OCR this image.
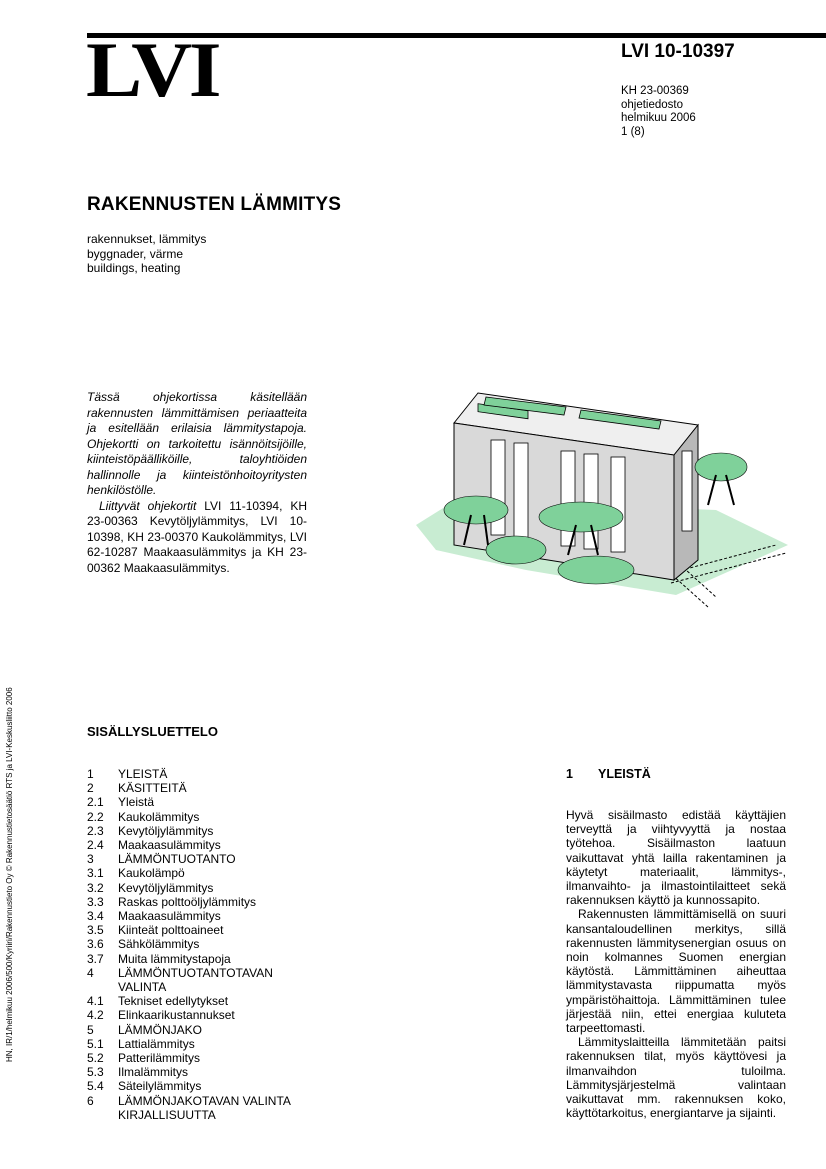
LVI	LVI 10-10397
KH 23-00369
ohjetiedosto
helmikuu 2006
1 (8)
RAKENNUSTEN LÄMMITYS
rakennukset, lämmitys
byggnader, värme
buildings, heating

Tässä ohjekortissa käsitellään rakennusten lämmittämisen periaatteita ja esitellään erilaisia lämmitystapoja. Ohjekortti on tarkoitettu isännöitsijöille, kiinteistöpäälliköille, taloyhtiöiden hallinnolle ja kiinteistönhoitoyritysten henkilöstölle.

Liittyvät ohjekortit LVI 11-10394, KH 23-00363 Kevytöljylämmitys, LVI 10-10398, KH 23-00370 Kaukolämmitys, LVI 62-10287 Maakaasulämmitys ja KH 23-00362 Maakaasulämmitys.

SISÄLLYSLUETTELO
1	YLEISTÄ
2	KÄSITTEITÄ
2.1	Yleistä
2.2	Kaukolämmitys
2.3	Kevytöljylämmitys
2.4	Maakaasulämmitys
3	LÄMMÖNTUOTANTO
3.1	Kaukolämpö
3.2	Kevytöljylämmitys
3.3	Raskas polttoöljylämmitys
3.4	Maakaasulämmitys
3.5	Kiinteät polttoaineet
3.6	Sähkölämmitys
3.7	Muita lämmitystapoja
4	LÄMMÖNTUOTANTOTAVAN
VALINTA
4.1	Tekniset edellytykset
4.2	Elinkaarikustannukset
5	LÄMMÖNJAKO
5.1	Lattialämmitys
5.2	Patterilämmitys
5.3	Ilmalämmitys
5.4	Säteilylämmitys
6	LÄMMÖNJAKOTAVAN VALINTA
KIRJALLISUUTTA
1 YLEISTÄ

Hyvä sisäilmasto edistää käyttäjien terveyttä ja viihtyvyyttä ja nostaa työtehoa. Sisäilmaston laatuun vaikuttavat yhtä lailla rakentaminen ja käytetyt materiaalit, lämmitys-, ilmanvaihto- ja ilmastointilaitteet sekä rakennuksen käyttö ja kunnossapito.

Rakennusten lämmittämisellä on suuri kansantaloudellinen merkitys, sillä rakennusten lämmitysenergian osuus on noin kolmannes Suomen energian käytöstä. Lämmittäminen aiheuttaa lämmitystavasta riippumatta myös ympäristöhaittoja. Lämmittäminen tulee järjestää niin, ettei energiaa kuluteta tarpeettomasti.

Lämmityslaitteilla lämmitetään paitsi rakennuksen tilat, myös käyttövesi ja ilmanvaihdon tuloilma. Lämmitysjärjestelmä valintaan vaikuttavat mm. rakennuksen koko, käyttötarkoitus, energiantarve ja sijainti.

HN, IR/1/helmikuu 2006/500/Kyriiri/Rakennustieto Oy © Rakennustietosäätiö RTS ja LVI-Keskusliitto 2006
